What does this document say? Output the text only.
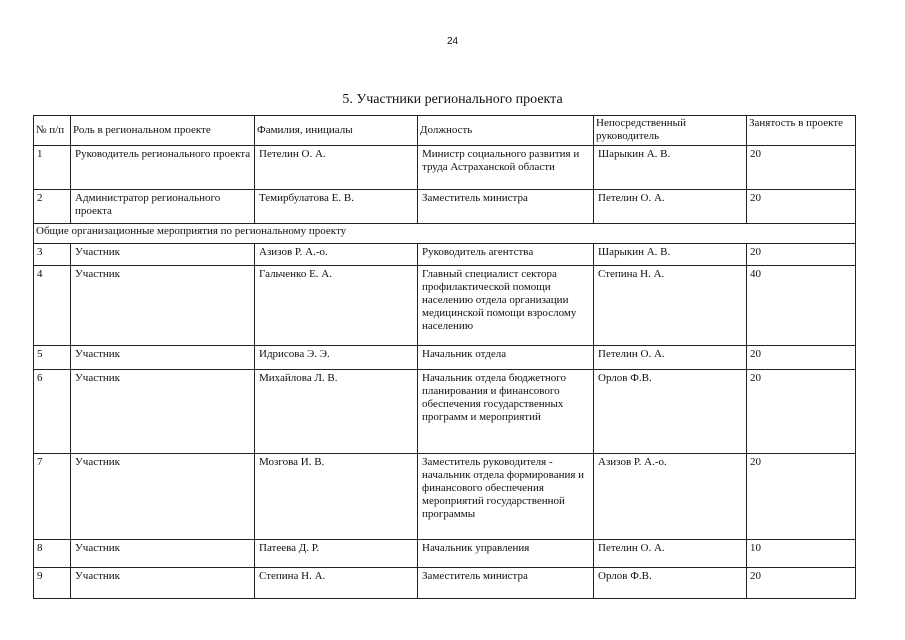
24
5. Участники регионального проекта
№ п/п	Роль в региональном проекте	Фамилия, инициалы	Должность	Непосредственный руководитель	Занятость в проекте
1	Руководитель регионального проекта	Петелин О. А.	Министр социального развития и труда Астраханской области	Шарыкин А. В.	20
2	Администратор регионального проекта	Темирбулатова Е. В.	Заместитель министра	Петелин О. А.	20
Общие организационные мероприятия по региональному проекту					
3	Участник	Азизов Р. А.-о.	Руководитель агентства	Шарыкин А. В.	20
4	Участник	Гальченко Е. А.	Главный специалист сектора профилактической помощи населению отдела организации медицинской помощи взрослому населению	Степина Н. А.	40
5	Участник	Идрисова Э. Э.	Начальник отдела	Петелин О. А.	20
6	Участник	Михайлова Л. В.	Начальник отдела бюджетного планирования и финансового обеспечения государственных программ и мероприятий	Орлов Ф.В.	20
7	Участник	Мозгова И. В.	Заместитель руководителя - начальник отдела формирования и финансового обеспечения мероприятий государственной программы	Азизов Р. А.-о.	20
8	Участник	Патеева Д. Р.	Начальник управления	Петелин О. А.	10
9	Участник	Степина Н. А.	Заместитель министра	Орлов Ф.В.	20
